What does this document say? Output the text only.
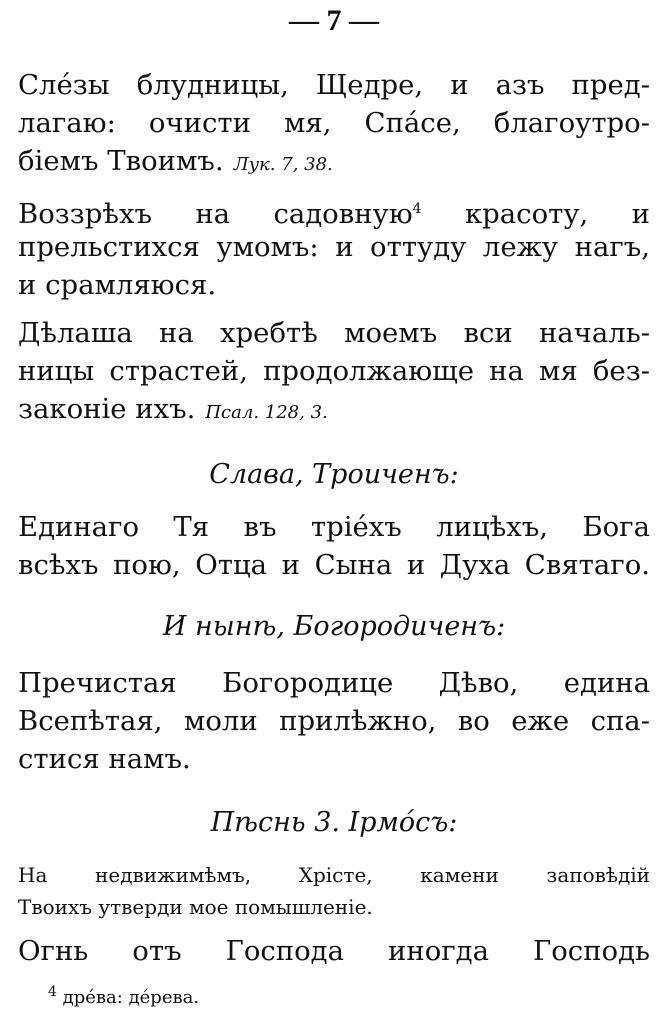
— 7 —
Слéзы блудницы, Щедре, и азъ пред-
лагаю: очисти мя, Спáсе, благоутро-
біемъ Твоимъ. Лук. 7, 38.
Воззрѣхъ на садовную$^4$ красоту, и
прельстихся умомъ: и оттуду лежу нагъ,
и срамляюся.
Дѣлаша на хребтѣ моемъ вси началь-
ницы страстей, продолжающе на мя без-
законіе ихъ. Псал. 128, 3.
Слава, Троиченъ:
Единаго Тя въ тріéхъ лицѣхъ, Бога
всѣхъ пою, Отца и Сына и Духа Святаго.
И нынѣ, Богородиченъ:
Пречистая Богородице Дѣво, едина
Всепѣтая, моли прилѣжно, во еже спа-
стися намъ.
Пѣснь 3. Ірмóсъ:
На недвижимѣмъ, Хрісте, камени заповѣдій
Твоихъ утверди мое помышленіе.
Огнь отъ Господа иногда Господь
$^4$ дрéва: дéрева.
